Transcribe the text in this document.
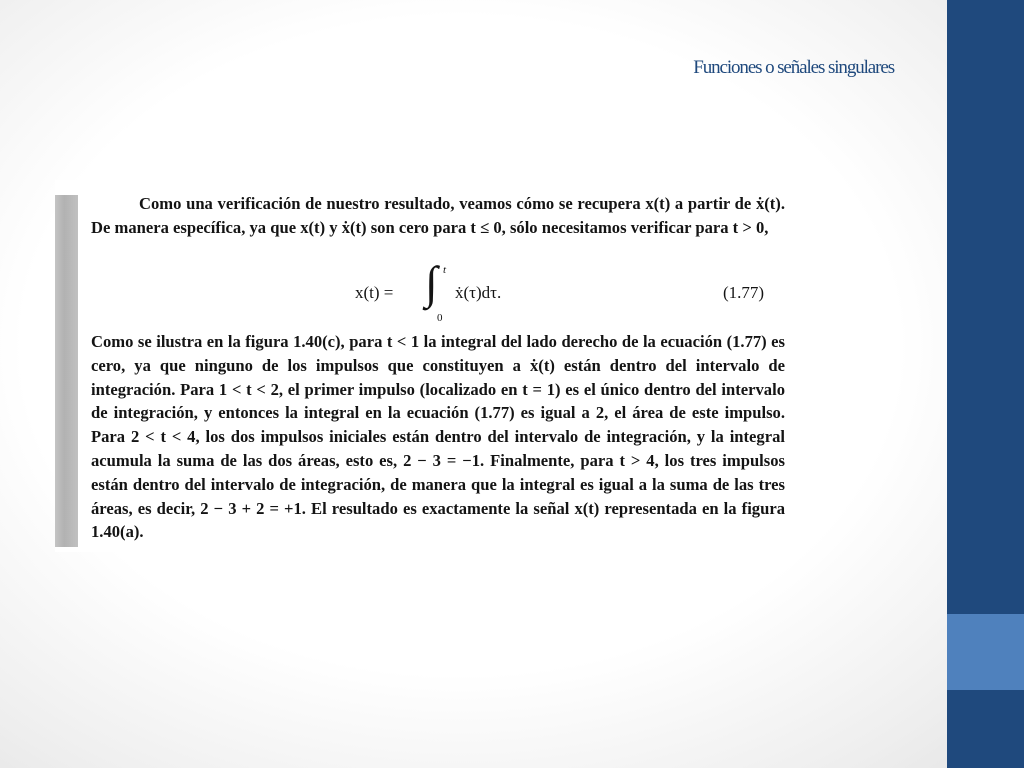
Funciones o señales singulares

Como una verificación de nuestro resultado, veamos cómo se recupera x(t) a partir de ẋ(t). De manera específica, ya que x(t) y ẋ(t) son cero para t ≤ 0, sólo necesitamos verificar para t > 0,

x(t) = ∫ t
0
ẋ(τ)dτ.	(1.77)

Como se ilustra en la figura 1.40(c), para t < 1 la integral del lado derecho de la ecuación (1.77) es cero, ya que ninguno de los impulsos que constituyen a ẋ(t) están dentro del intervalo de integración. Para 1 < t < 2, el primer impulso (localizado en t = 1) es el único dentro del intervalo de integración, y entonces la integral en la ecuación (1.77) es igual a 2, el área de este impulso. Para 2 < t < 4, los dos impulsos iniciales están dentro del intervalo de integración, y la integral acumula la suma de las dos áreas, esto es, 2 − 3 = −1. Finalmente, para t > 4, los tres impulsos están dentro del intervalo de integración, de manera que la integral es igual a la suma de las tres áreas, es decir, 2 − 3 + 2 = +1. El resultado es exactamente la señal x(t) representada en la figura 1.40(a).
